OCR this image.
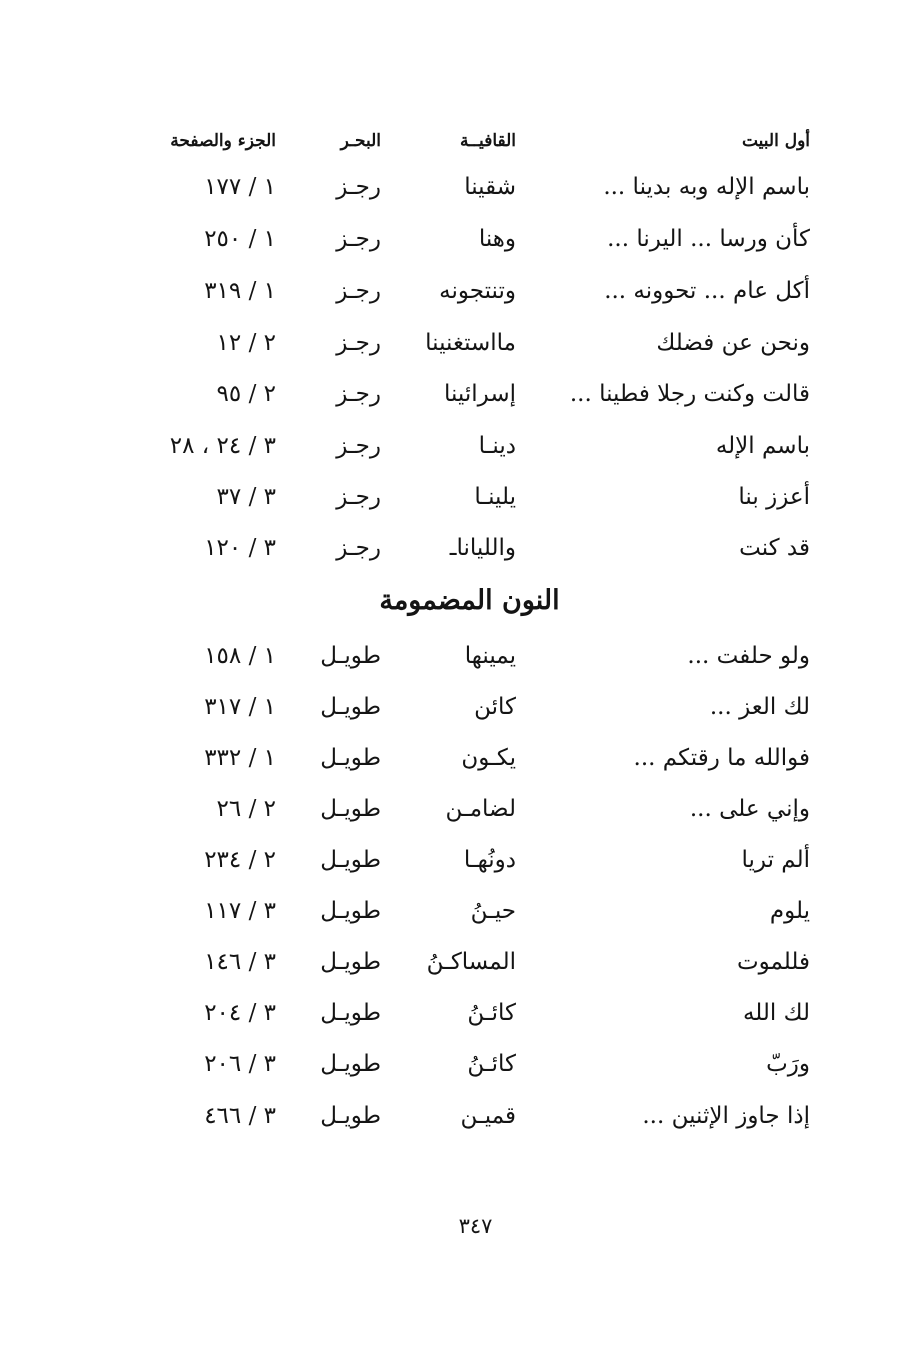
أول البيت
القافيــة
البحـر
الجزء والصفحة
باسم الإله وبه بدينا ...
شقينا
رجـز
١ / ١٧٧
كأن ورسا ... اليرنا ...
وهنا
رجـز
١ / ٢٥٠
أكل عام ... تحوونه ...
وتنتجونه
رجـز
١ / ٣١٩
ونحن عن فضلك
مااستغنينا
رجـز
٢ / ١٢
قالت وكنت رجلا فطينا ...
إسرائينا
رجـز
٢ / ٩٥
باسم الإله
دينـا
رجـز
٣ / ٢٤ ، ٢٨
أعزز بنا
يلينـا
رجـز
٣ / ٣٧
قد كنت
واللياناـ
رجـز
٣ / ١٢٠
النون المضمومة
ولو حلفت ...
يمينها
طويـل
١ / ١٥٨
لك العز ...
كائن
طويـل
١ / ٣١٧
فوالله ما رقتكم ...
يكـون
طويـل
١ / ٣٣٢
وإني على ...
لضامـن
طويـل
٢ / ٢٦
ألم تريا
دونُهـا
طويـل
٢ / ٢٣٤
يلوم
حيـنُ
طويـل
٣ / ١١٧
فللموت
المساكـنُ
طويـل
٣ / ١٤٦
لك الله
كائـنُ
طويـل
٣ / ٢٠٤
ورَبّ
كائـنُ
طويـل
٣ / ٢٠٦
إذا جاوز الإثنين ...
قميـن
طويـل
٣ / ٤٦٦
٣٤٧
